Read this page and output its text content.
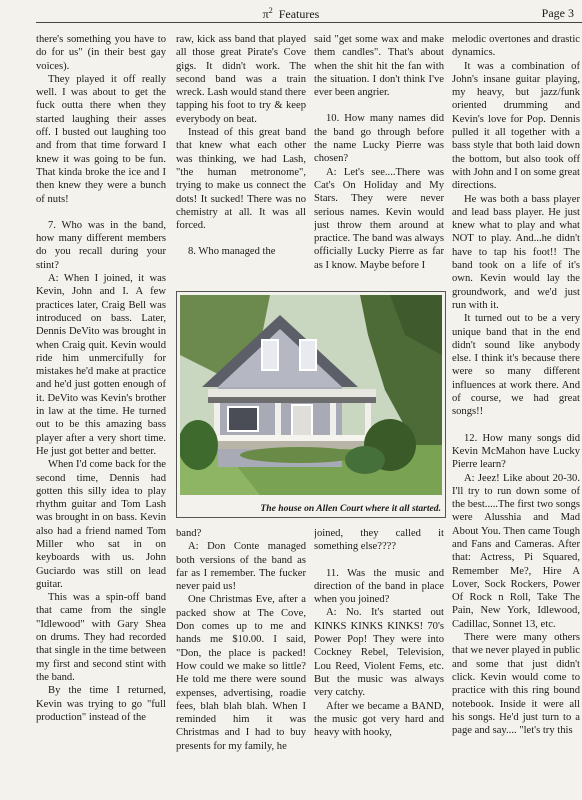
$\pi^2$ Features	Page 3

there's something you have to do for us" (in their best gay voices).

They played it off really well. I was about to get the fuck outta there when they started laughing their asses off. I busted out laughing too and from that time forward I knew it was going to be fun. That kinda broke the ice and I then knew they were a bunch of nuts!

7. Who was in the band, how many different members do you recall during your stint?

A: When I joined, it was Kevin, John and I. A few practices later, Craig Bell was introduced on bass. Later, Dennis DeVito was brought in when Craig quit. Kevin would ride him unmercifully for mistakes he'd make at practice and he'd just gotten enough of it. DeVito was Kevin's brother in law at the time. He turned out to be this amazing bass player after a very short time. He just got better and better.

When I'd come back for the second time, Dennis had gotten this silly idea to play rhythm guitar and Tom Lash was brought in on bass. Kevin also had a friend named Tom Miller who sat in on keyboards with us. John Guciardo was still on lead guitar.

This was a spin-off band that came from the single "Idlewood" with Gary Shea on drums. They had recorded that single in the time between my first and second stint with the band.

By the time I returned, Kevin was trying to go "full production" instead of the

raw, kick ass band that played all those great Pirate's Cove gigs. It didn't work. The second band was a train wreck. Lash would stand there tapping his foot to try & keep everybody on beat.

Instead of this great band that knew what each other was thinking, we had Lash, "the human metronome", trying to make us connect the dots! It sucked! There was no chemistry at all. It was all forced.

8. Who managed the

said "get some wax and make them candles". That's about when the shit hit the fan with the situation. I don't think I've ever been angrier.

10. How many names did the band go through before the name Lucky Pierre was chosen?

A: Let's see....There was Cat's On Holiday and My Stars. They were never serious names. Kevin would just throw them around at practice. The band was always officially Lucky Pierre as far as I know. Maybe before I

band?

A: Don Conte managed both versions of the band as far as I remember. The fucker never paid us!

One Christmas Eve, after a packed show at The Cove, Don comes up to me and hands me $10.00. I said, "Don, the place is packed! How could we make so little? He told me there were sound expenses, advertising, roadie fees, blah blah blah. When I reminded him it was Christmas and I had to buy presents for my family, he

joined, they called it something else????

11. Was the music and direction of the band in place when you joined?

A: No. It's started out KINKS KINKS KINKS! 70's Power Pop! They were into Cockney Rebel, Television, Lou Reed, Violent Fems, etc. But the music was always very catchy.

After we became a BAND, the music got very hard and heavy with hooky,

melodic overtones and drastic dynamics.

It was a combination of John's insane guitar playing, my heavy, but jazz/funk oriented drumming and Kevin's love for Pop. Dennis pulled it all together with a bass style that both laid down the bottom, but also took off with John and I on some great directions.

He was both a bass player and lead bass player. He just knew what to play and what NOT to play. And...he didn't have to tap his foot!! The band took on a life of it's own. Kevin would lay the groundwork, and we'd just run with it.

It turned out to be a very unique band that in the end didn't sound like anybody else. I think it's because there were so many different influences at work there. And of course, we had great songs!!

12. How many songs did Kevin McMahon have Lucky Pierre learn?

A: Jeez! Like about 20-30. I'll try to run down some of the best.....The first two songs were Alusshia and Mad About You. Then came Tough and Fans and Cameras. After that: Actress, Pi Squared, Remember Me?, Hire A Lover, Sock Rockers, Power Of Rock n Roll, Take The Pain, New York, Idlewood, Cadillac, Sonnet 13, etc.

There were many others that we never played in public and some that just didn't click. Kevin would come to practice with this ring bound notebook. Inside it were all his songs. He'd just turn to a page and say.... "let's try this

The house on Allen Court where it all started.
